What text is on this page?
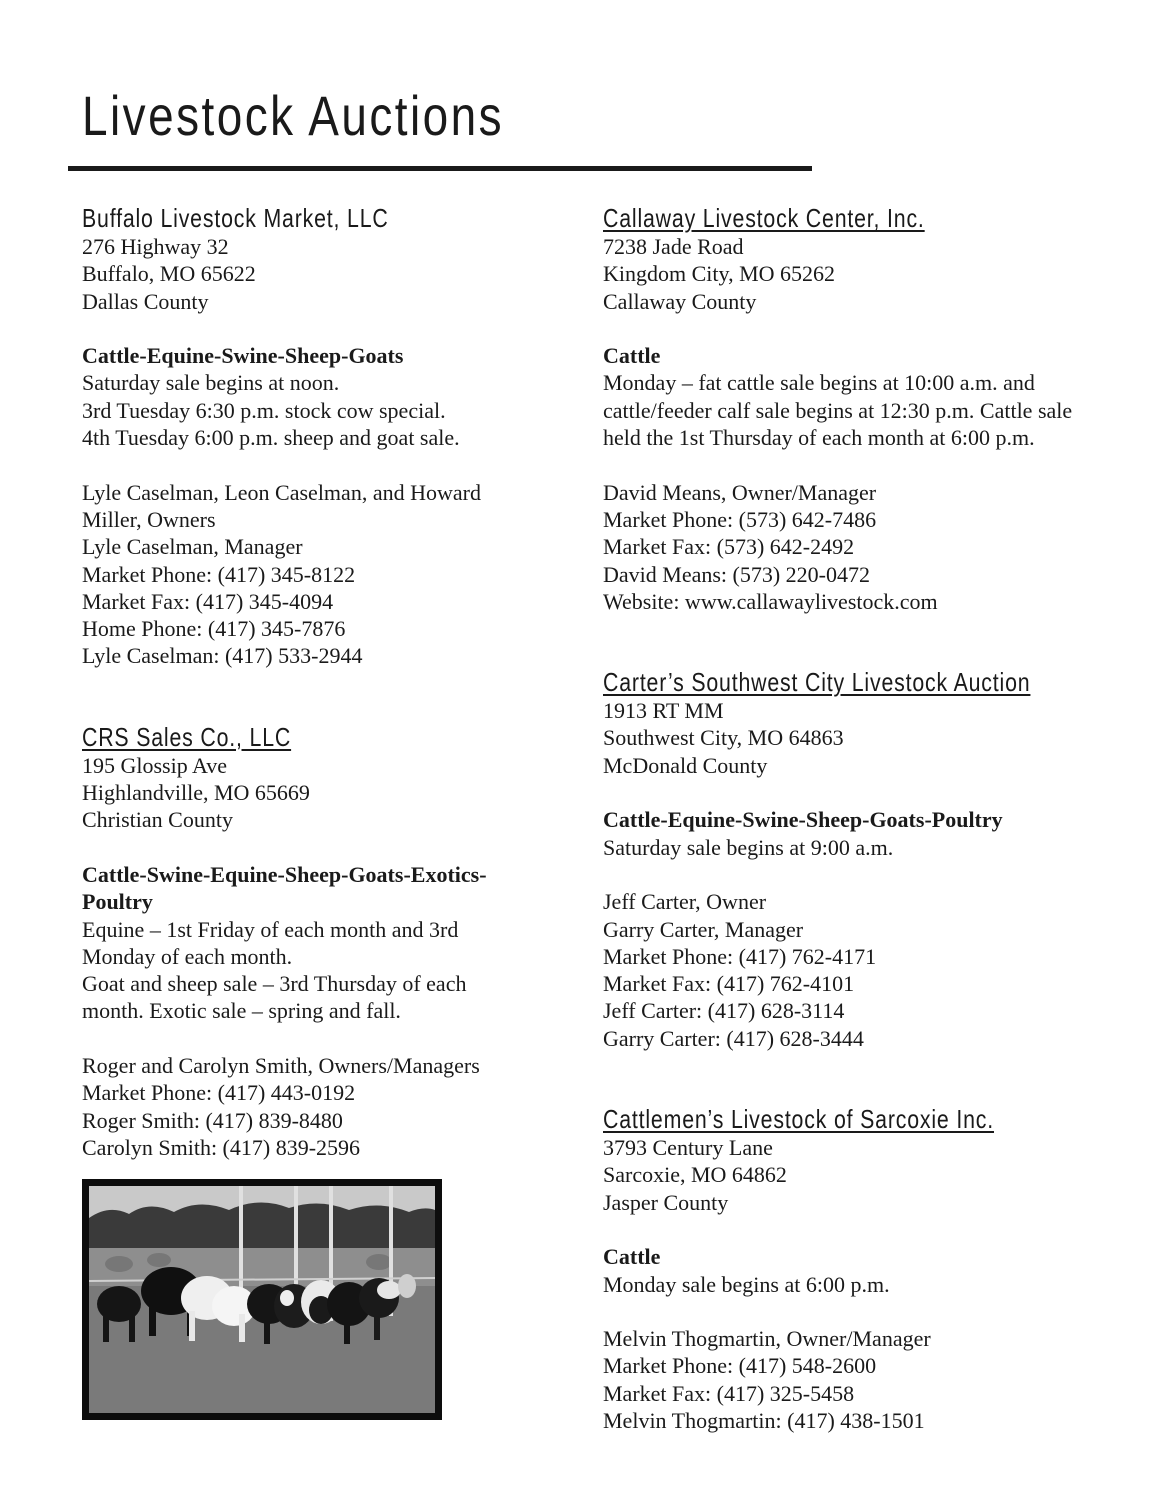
Livestock Auctions
Buffalo Livestock Market, LLC
276 Highway 32
Buffalo, MO 65622
Dallas County
Cattle-Equine-Swine-Sheep-Goats
Saturday sale begins at noon.
3rd Tuesday 6:30 p.m. stock cow special.
4th Tuesday 6:00 p.m. sheep and goat sale.
Lyle Caselman, Leon Caselman, and Howard
Miller, Owners
Lyle Caselman, Manager
Market Phone: (417) 345-8122
Market Fax: (417) 345-4094
Home Phone: (417) 345-7876
Lyle Caselman: (417) 533-2944
CRS Sales Co., LLC
195 Glossip Ave
Highlandville, MO 65669
Christian County
Cattle-Swine-Equine-Sheep-Goats-Exotics-
Poultry
Equine – 1st Friday of each month and 3rd
Monday of each month.
Goat and sheep sale – 3rd Thursday of each
month. Exotic sale – spring and fall.
Roger and Carolyn Smith, Owners/Managers
Market Phone: (417) 443-0192
Roger Smith: (417) 839-8480
Carolyn Smith: (417) 839-2596
Callaway Livestock Center, Inc.
7238 Jade Road
Kingdom City, MO 65262
Callaway County
Cattle
Monday – fat cattle sale begins at 10:00 a.m. and
cattle/feeder calf sale begins at 12:30 p.m. Cattle sale
held the 1st Thursday of each month at 6:00 p.m.
David Means, Owner/Manager
Market Phone: (573) 642-7486
Market Fax: (573) 642-2492
David Means: (573) 220-0472
Website: www.callawaylivestock.com
Carter’s Southwest City Livestock Auction
1913 RT MM
Southwest City, MO 64863
McDonald County
Cattle-Equine-Swine-Sheep-Goats-Poultry
Saturday sale begins at 9:00 a.m.
Jeff Carter, Owner
Garry Carter, Manager
Market Phone: (417) 762-4171
Market Fax: (417) 762-4101
Jeff Carter: (417) 628-3114
Garry Carter: (417) 628-3444
Cattlemen’s Livestock of Sarcoxie Inc.
3793 Century Lane
Sarcoxie, MO 64862
Jasper County
Cattle
Monday sale begins at 6:00 p.m.
Melvin Thogmartin, Owner/Manager
Market Phone: (417) 548-2600
Market Fax: (417) 325-5458
Melvin Thogmartin: (417) 438-1501
